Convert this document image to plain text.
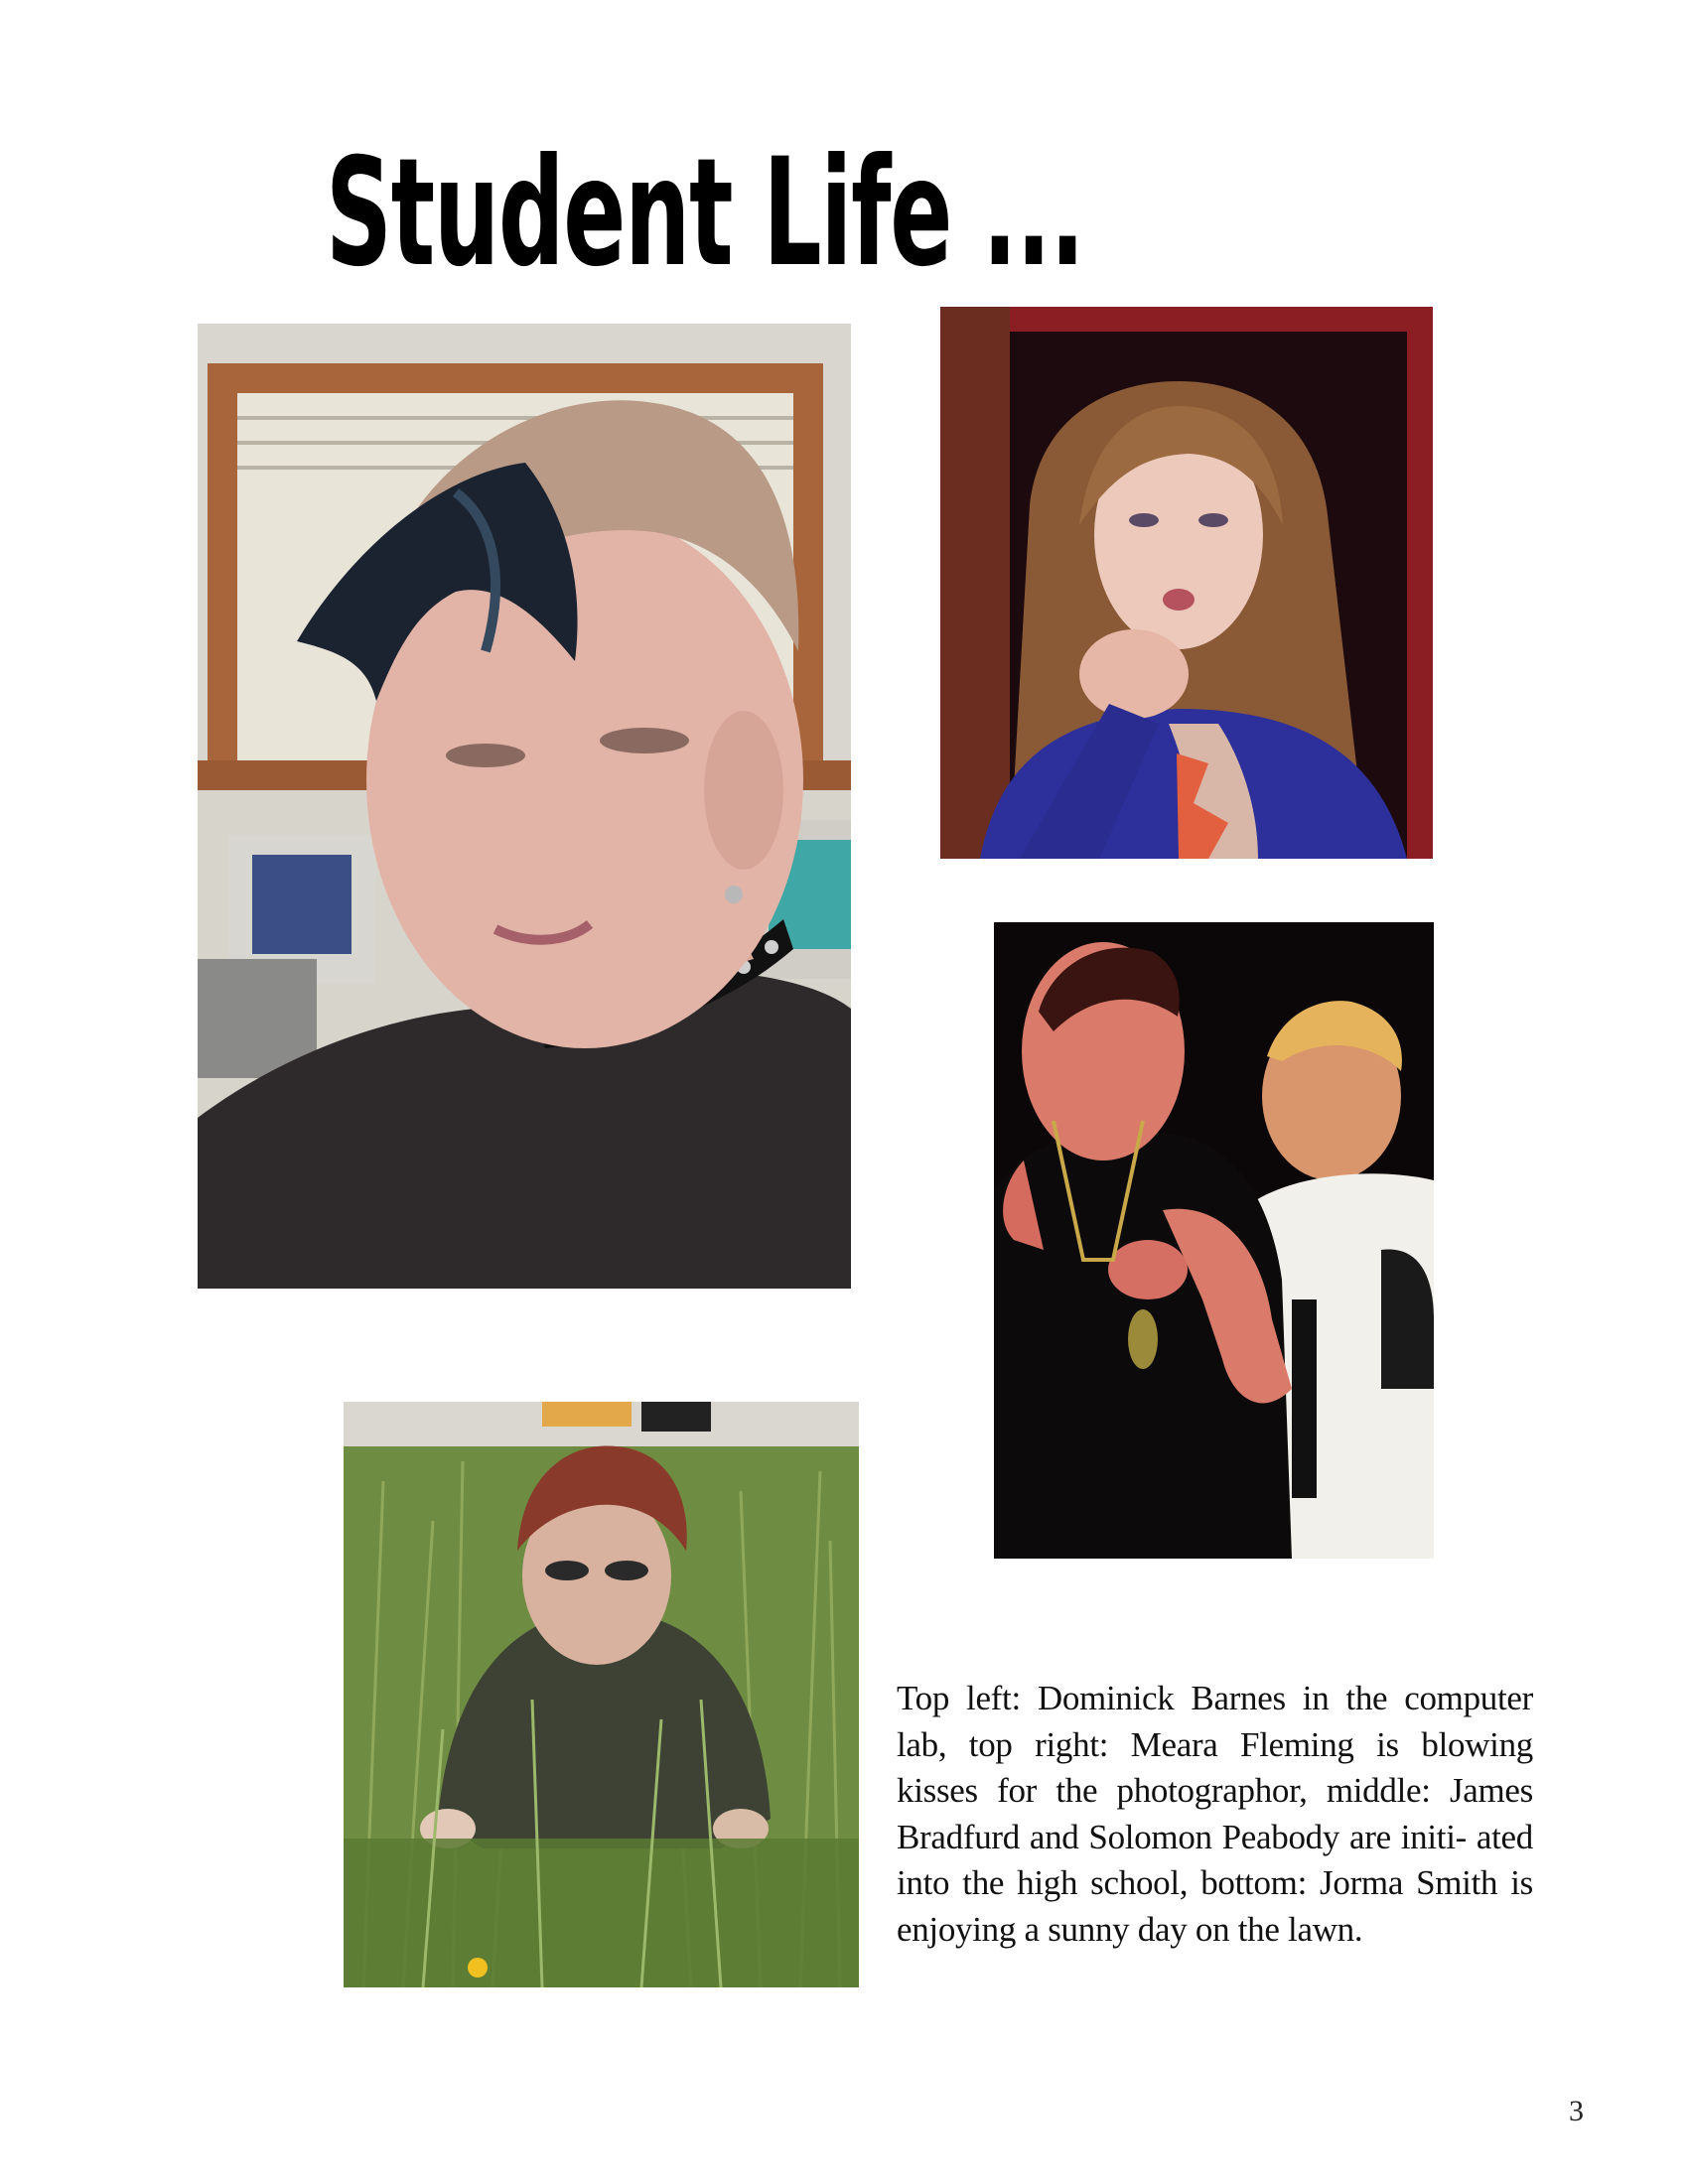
Student Life ...

Top left: Dominick Barnes in the computer lab, top right: Meara Fleming is blowing kisses for the photographor, middle: James Bradfurd and Solomon Peabody are initi- ated into the high school, bottom: Jorma Smith is enjoying a sunny day on the lawn.

3
